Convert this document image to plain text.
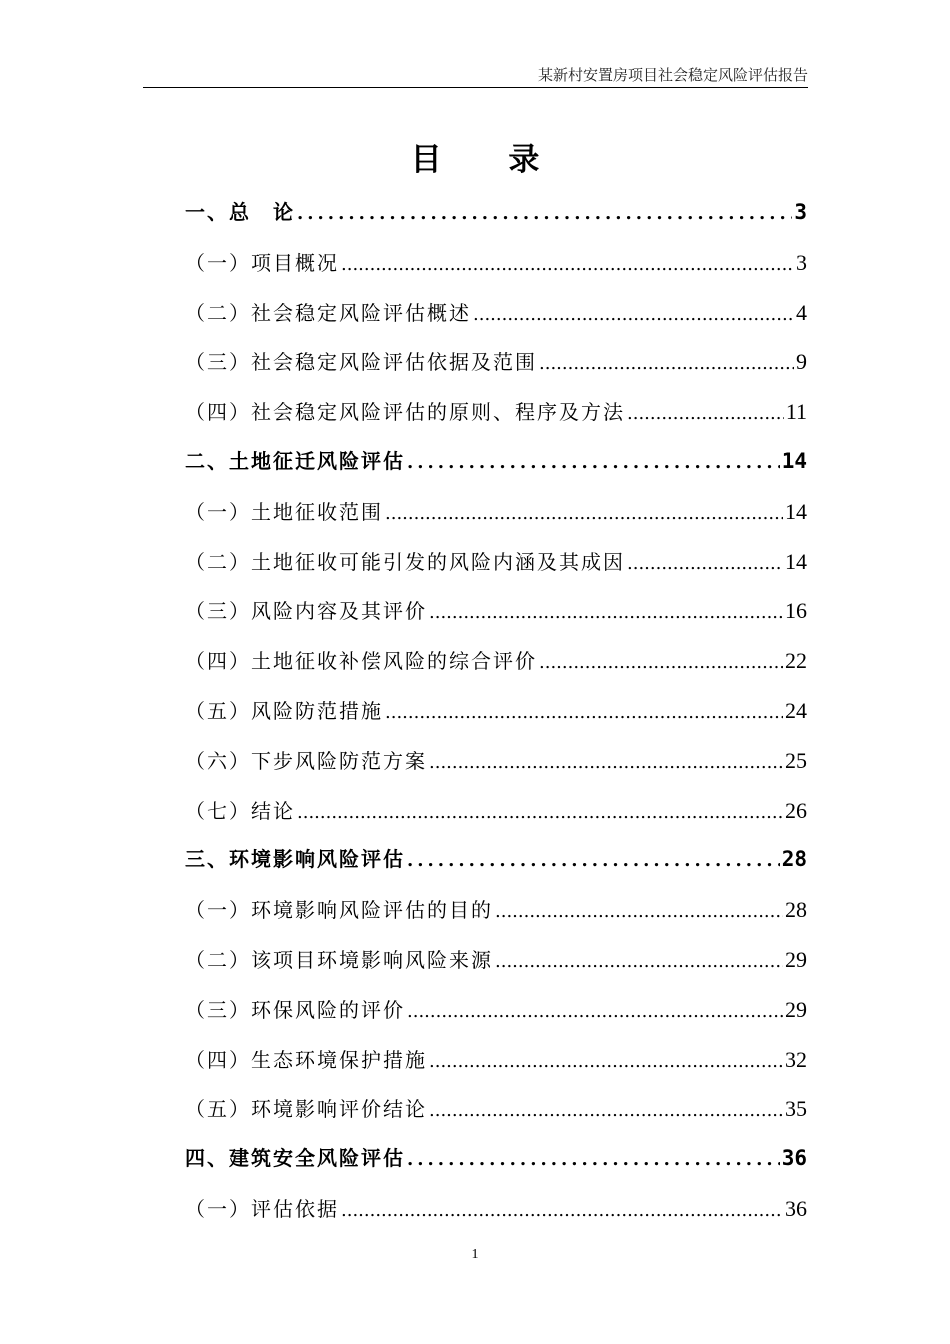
某新村安置房项目社会稳定风险评估报告
目 录
一、总　论 .....	3
（一）项目概况 .....	3
（二）社会稳定风险评估概述 .....	4
（三）社会稳定风险评估依据及范围 .....	9
（四）社会稳定风险评估的原则、程序及方法 .....	11
二、土地征迁风险评估 .....	14
（一）土地征收范围 .....	14
（二）土地征收可能引发的风险内涵及其成因 .....	14
（三）风险内容及其评价 .....	16
（四）土地征收补偿风险的综合评价 .....	22
（五）风险防范措施 .....	24
（六）下步风险防范方案 .....	25
（七）结论 .....	26
三、环境影响风险评估 .....	28
（一）环境影响风险评估的目的 .....	28
（二）该项目环境影响风险来源 .....	29
（三）环保风险的评价 .....	29
（四）生态环境保护措施 .....	32
（五）环境影响评价结论 .....	35
四、建筑安全风险评估 .....	36
（一）评估依据 .....	36
1
